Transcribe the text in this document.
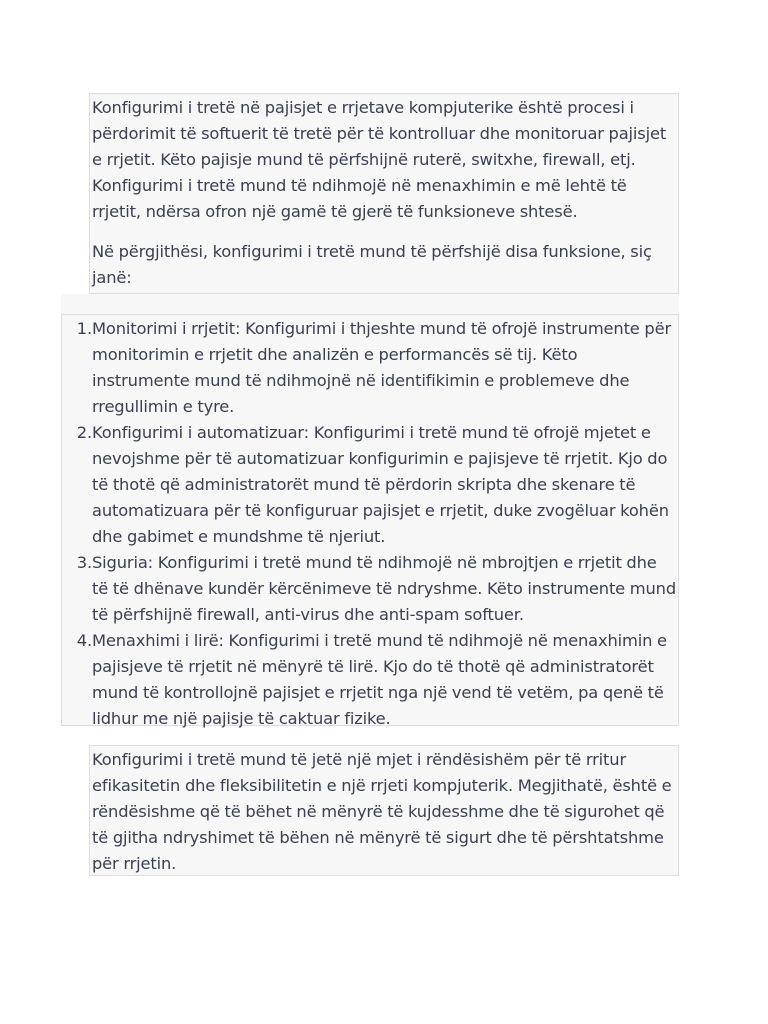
Konfigurimi i tretë në pajisjet e rrjetave kompjuterike është procesi i përdorimit të softuerit të tretë për të kontrolluar dhe monitoruar pajisjet e rrjetit. Këto pajisje mund të përfshijnë ruterë, switxhe, firewall, etj. Konfigurimi i tretë mund të ndihmojë në menaxhimin e më lehtë të rrjetit, ndërsa ofron një gamë të gjerë të funksioneve shtesë.

Në përgjithësi, konfigurimi i tretë mund të përfshijë disa funksione, siç janë:

1. Monitorimi i rrjetit: Konfigurimi i thjeshte mund të ofrojë instrumente për monitorimin e rrjetit dhe analizën e performancës së tij. Këto instrumente mund të ndihmojnë në identifikimin e problemeve dhe rregullimin e tyre.
2. Konfigurimi i automatizuar: Konfigurimi i tretë mund të ofrojë mjetet e nevojshme për të automatizuar konfigurimin e pajisjeve të rrjetit. Kjo do të thotë që administratorët mund të përdorin skripta dhe skenare të automatizuara për të konfiguruar pajisjet e rrjetit, duke zvogëluar kohën dhe gabimet e mundshme të njeriut.
3. Siguria: Konfigurimi i tretë mund të ndihmojë në mbrojtjen e rrjetit dhe të të dhënave kundër kërcënimeve të ndryshme. Këto instrumente mund të përfshijnë firewall, anti-virus dhe anti-spam softuer.
4. Menaxhimi i lirë: Konfigurimi i tretë mund të ndihmojë në menaxhimin e pajisjeve të rrjetit në mënyrë të lirë. Kjo do të thotë që administratorët mund të kontrollojnë pajisjet e rrjetit nga një vend të vetëm, pa qenë të lidhur me një pajisje të caktuar fizike.

Konfigurimi i tretë mund të jetë një mjet i rëndësishëm për të rritur efikasitetin dhe fleksibilitetin e një rrjeti kompjuterik. Megjithatë, është e rëndësishme që të bëhet në mënyrë të kujdesshme dhe të sigurohet që të gjitha ndryshimet të bëhen në mënyrë të sigurt dhe të përshtatshme për rrjetin.
